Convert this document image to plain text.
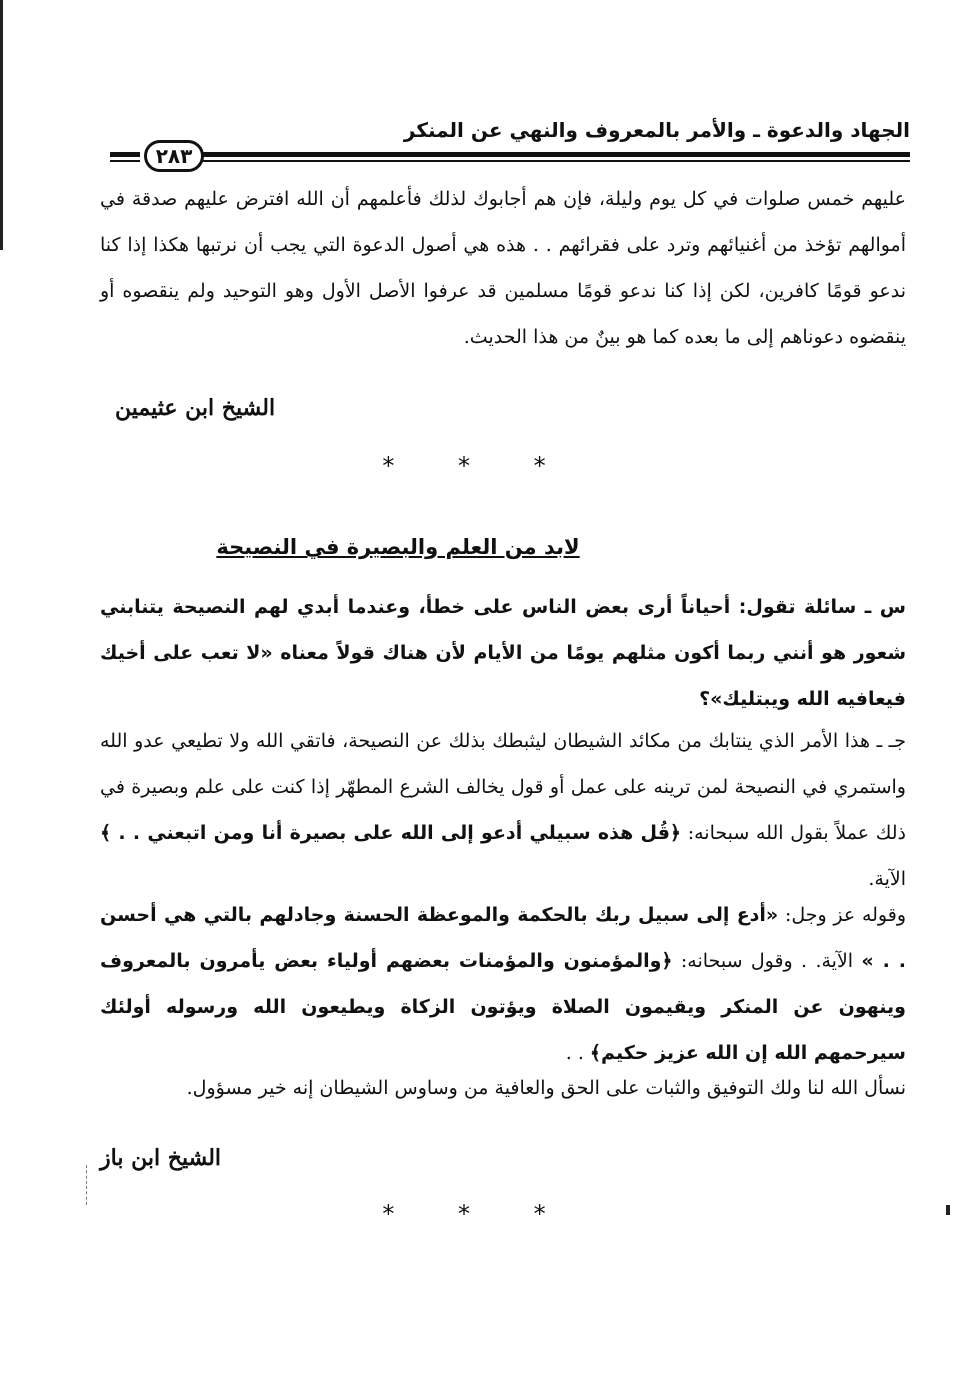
الجهاد والدعوة ـ والأمر بالمعروف والنهي عن المنكر
٢٨٣
عليهم خمس صلوات في كل يوم وليلة، فإن هم أجابوك لذلك فأعلمهم أن الله افترض عليهم صدقة في أموالهم تؤخذ من أغنيائهم وترد على فقرائهم . . هذه هي أصول الدعوة التي يجب أن نرتبها هكذا إذا كنا ندعو قومًا كافرين، لكن إذا كنا ندعو قومًا مسلمين قد عرفوا الأصل الأول وهو التوحيد ولم ينقصوه أو ينقضوه دعوناهم إلى ما بعده كما هو بينٌ من هذا الحديث.
الشيخ ابن عثيمين
* * *
لابد من العلم والبصيرة في النصيحة
س ـ سائلة تقول: أحياناً أرى بعض الناس على خطأ، وعندما أبدي لهم النصيحة يتنابني شعور هو أنني ربما أكون مثلهم يومًا من الأيام لأن هناك قولاً معناه «لا تعب على أخيك فيعافيه الله ويبتليك»؟
جـ ـ هذا الأمر الذي ينتابك من مكائد الشيطان ليثبطك بذلك عن النصيحة، فاتقي الله ولا تطيعي عدو الله واستمري في النصيحة لمن ترينه على عمل أو قول يخالف الشرع المطهّر إذا كنت على علم وبصيرة في ذلك عملاً بقول الله سبحانه: ﴿قُل هذه سبيلي أدعو إلى الله على بصيرة أنا ومن اتبعني . . ﴾ الآية.
وقوله عز وجل: «أدع إلى سبيل ربك بالحكمة والموعظة الحسنة وجادلهم بالتي هي أحسن . . » الآية. . وقول سبحانه: ﴿والمؤمنون والمؤمنات بعضهم أولياء بعض يأمرون بالمعروف وينهون عن المنكر ويقيمون الصلاة ويؤتون الزكاة ويطيعون الله ورسوله أولئك سيرحمهم الله إن الله عزيز حكيم﴾ . .
نسأل الله لنا ولك التوفيق والثبات على الحق والعافية من وساوس الشيطان إنه خير مسؤول.
الشيخ ابن باز
* * *
